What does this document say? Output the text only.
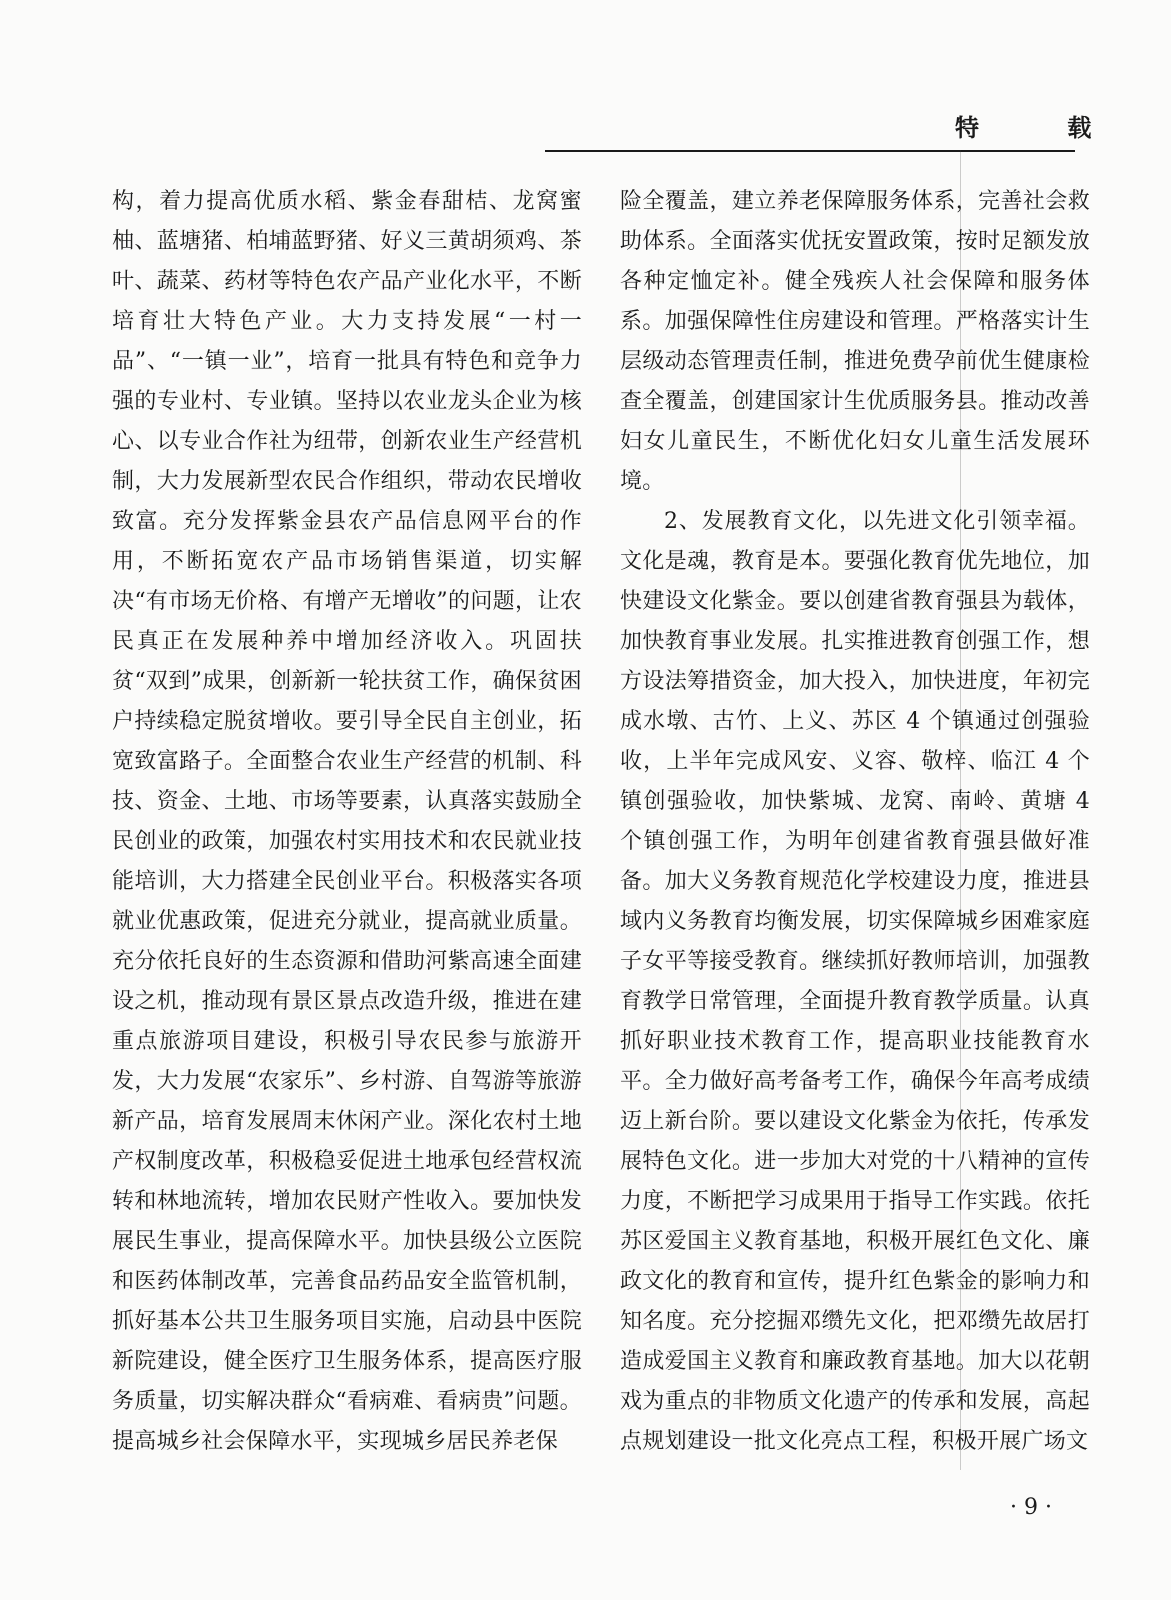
特 载

构，着力提高优质水稻、紫金春甜桔、龙窝蜜柚、蓝塘猪、柏埔蓝野猪、好义三黄胡须鸡、茶叶、蔬菜、药材等特色农产品产业化水平，不断培育壮大特色产业。大力支持发展“一村一品”、“一镇一业”，培育一批具有特色和竞争力强的专业村、专业镇。坚持以农业龙头企业为核心、以专业合作社为纽带，创新农业生产经营机制，大力发展新型农民合作组织，带动农民增收致富。充分发挥紫金县农产品信息网平台的作用，不断拓宽农产品市场销售渠道，切实解决“有市场无价格、有增产无增收”的问题，让农民真正在发展种养中增加经济收入。巩固扶贫“双到”成果，创新新一轮扶贫工作，确保贫困户持续稳定脱贫增收。要引导全民自主创业，拓宽致富路子。全面整合农业生产经营的机制、科技、资金、土地、市场等要素，认真落实鼓励全民创业的政策，加强农村实用技术和农民就业技能培训，大力搭建全民创业平台。积极落实各项就业优惠政策，促进充分就业，提高就业质量。充分依托良好的生态资源和借助河紫高速全面建设之机，推动现有景区景点改造升级，推进在建重点旅游项目建设，积极引导农民参与旅游开发，大力发展“农家乐”、乡村游、自驾游等旅游新产品，培育发展周末休闲产业。深化农村土地产权制度改革，积极稳妥促进土地承包经营权流转和林地流转，增加农民财产性收入。要加快发展民生事业，提高保障水平。加快县级公立医院和医药体制改革，完善食品药品安全监管机制，抓好基本公共卫生服务项目实施，启动县中医院新院建设，健全医疗卫生服务体系，提高医疗服务质量，切实解决群众“看病难、看病贵”问题。提高城乡社会保障水平，实现城乡居民养老保

险全覆盖，建立养老保障服务体系，完善社会救助体系。全面落实优抚安置政策，按时足额发放各种定恤定补。健全残疾人社会保障和服务体系。加强保障性住房建设和管理。严格落实计生层级动态管理责任制，推进免费孕前优生健康检查全覆盖，创建国家计生优质服务县。推动改善妇女儿童民生，不断优化妇女儿童生活发展环境。

2、发展教育文化，以先进文化引领幸福。文化是魂，教育是本。要强化教育优先地位，加快建设文化紫金。要以创建省教育强县为载体，加快教育事业发展。扎实推进教育创强工作，想方设法筹措资金，加大投入，加快进度，年初完成水墩、古竹、上义、苏区 4 个镇通过创强验收，上半年完成风安、义容、敬梓、临江 4 个镇创强验收，加快紫城、龙窝、南岭、黄塘 4 个镇创强工作，为明年创建省教育强县做好准备。加大义务教育规范化学校建设力度，推进县域内义务教育均衡发展，切实保障城乡困难家庭子女平等接受教育。继续抓好教师培训，加强教育教学日常管理，全面提升教育教学质量。认真抓好职业技术教育工作，提高职业技能教育水平。全力做好高考备考工作，确保今年高考成绩迈上新台阶。要以建设文化紫金为依托，传承发展特色文化。进一步加大对党的十八精神的宣传力度，不断把学习成果用于指导工作实践。依托苏区爱国主义教育基地，积极开展红色文化、廉政文化的教育和宣传，提升红色紫金的影响力和知名度。充分挖掘邓缵先文化，把邓缵先故居打造成爱国主义教育和廉政教育基地。加大以花朝戏为重点的非物质文化遗产的传承和发展，高起点规划建设一批文化亮点工程，积极开展广场文

· 9 ·
